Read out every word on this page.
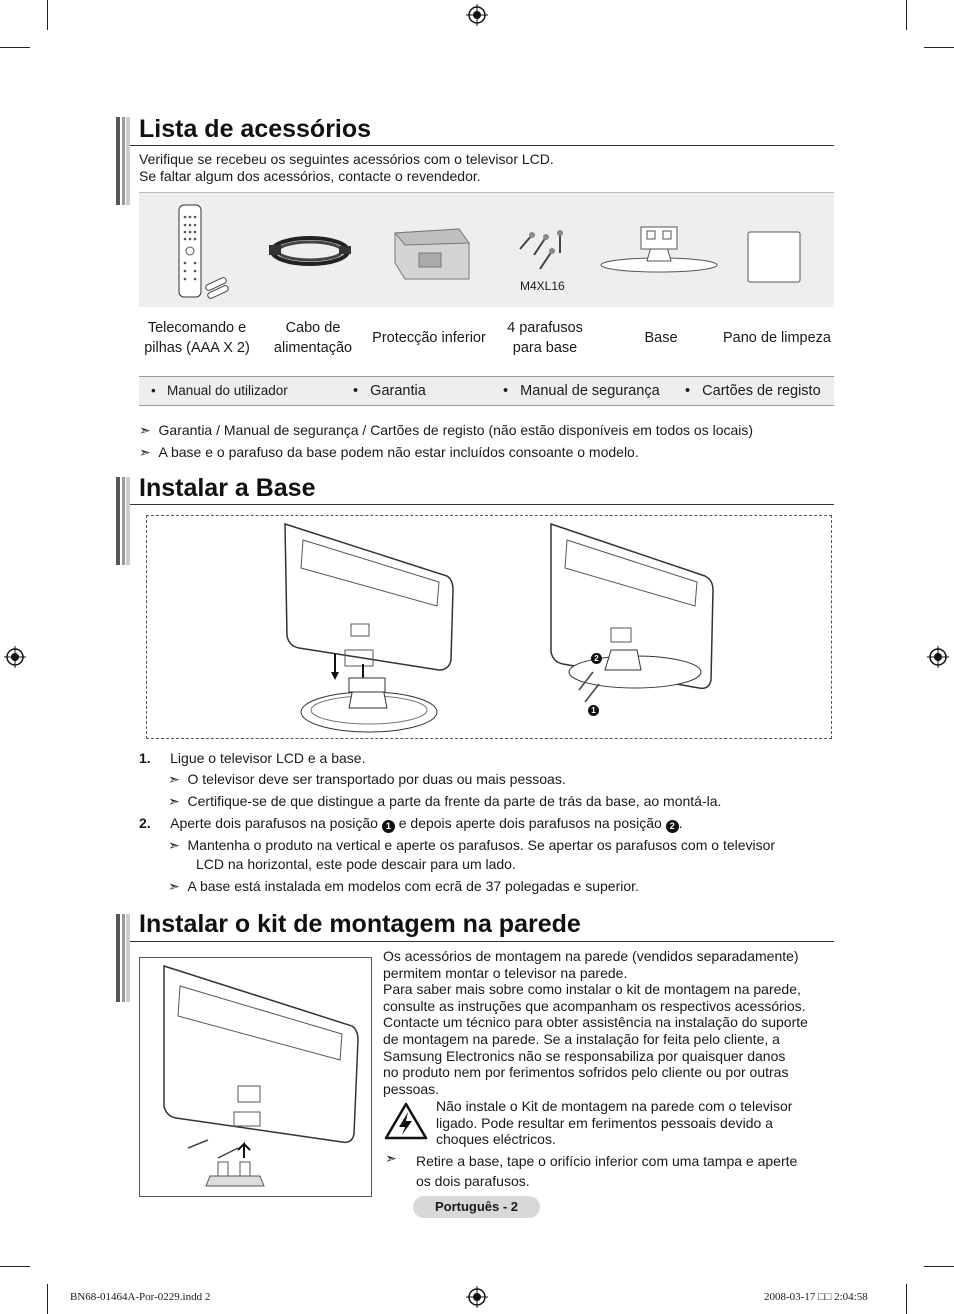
Lista de acessórios
Verifique se recebeu os seguintes acessórios com o televisor LCD.
Se faltar algum dos acessórios, contacte o revendedor.
M4XL16
Telecomando e
pilhas (AAA X 2)
Cabo de
alimentação
Protecção inferior
4 parafusos
para base
Base	Pano de limpeza
•   Manual do utilizador	•   Garantia	•   Manual de segurança •   Cartões de registo
➣ Garantia / Manual de segurança / Cartões de registo (não estão disponíveis em todos os locais)
➣ A base e o parafuso da base podem não estar incluídos consoante o modelo.
Instalar a Base
2
1
1. Ligue o televisor LCD e a base.
➣ O televisor deve ser transportado por duas ou mais pessoas.
➣ Certifique-se de que distingue a parte da frente da parte de trás da base, ao montá-la.
2. Aperte dois parafusos na posição 1 e depois aperte dois parafusos na posição 2 .
➣ Mantenha o produto na vertical e aperte os parafusos. Se apertar os parafusos com o televisor
LCD na horizontal, este pode descair para um lado.
➣ A base está instalada em modelos com ecrã de 37 polegadas e superior.
Instalar o kit de montagem na parede
Os acessórios de montagem na parede (vendidos separadamente)
permitem montar o televisor na parede.
Para saber mais sobre como instalar o kit de montagem na parede,
consulte as instruções que acompanham os respectivos acessórios.
Contacte um técnico para obter assistência na instalação do suporte
de montagem na parede. Se a instalação for feita pelo cliente, a
Samsung Electronics não se responsabiliza por quaisquer danos
no produto nem por ferimentos sofridos pelo cliente ou por outras
pessoas.
Não instale o Kit de montagem na parede com o televisor
ligado. Pode resultar em ferimentos pessoais devido a
choques eléctricos.
➣ Retire a base, tape o orifício inferior com uma tampa e aperte
os dois parafusos.
Português - 2
BN68-01464A-Por-0229.indd 2	2008-03-17 □□ 2:04:58
